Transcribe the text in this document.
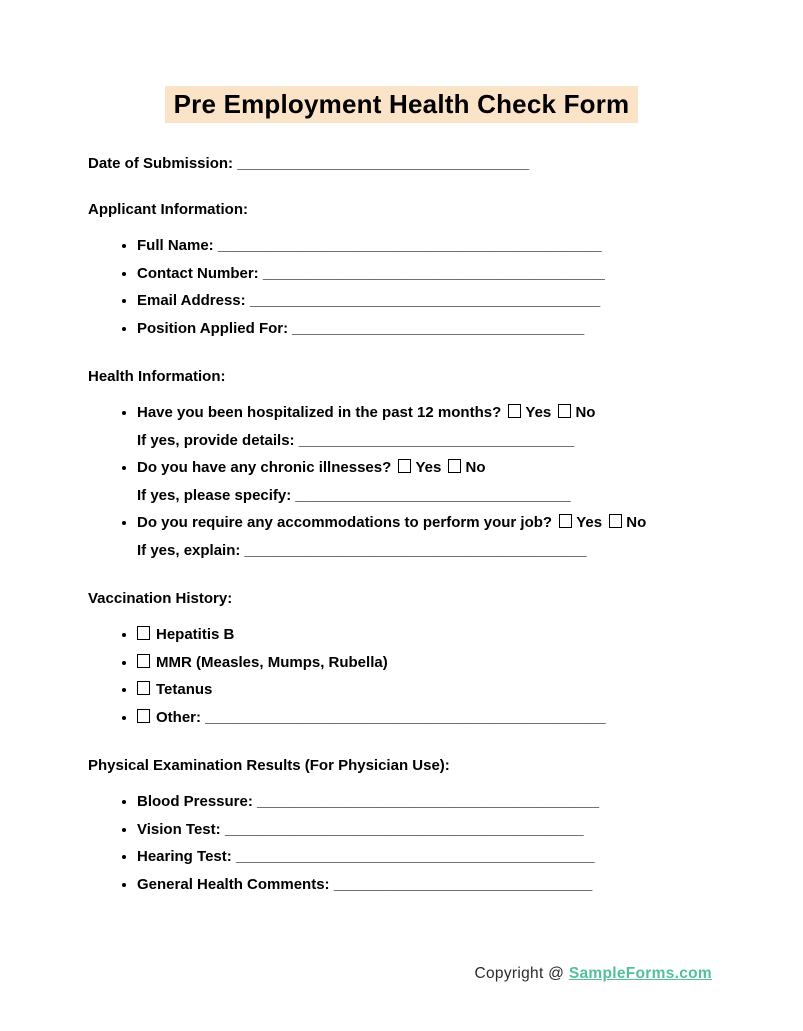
Pre Employment Health Check Form
Date of Submission: ___________________________________
Applicant Information:
• Full Name: ______________________________________________
• Contact Number: _________________________________________
• Email Address: __________________________________________
• Position Applied For: ___________________________________
Health Information:
• Have you been hospitalized in the past 12 months? Yes No
If yes, provide details: _________________________________
• Do you have any chronic illnesses? Yes No
If yes, please specify: _________________________________
• Do you require any accommodations to perform your job? Yes No
If yes, explain: _________________________________________
Vaccination History:
• Hepatitis B
• MMR (Measles, Mumps, Rubella)
• Tetanus
• Other: ________________________________________________
Physical Examination Results (For Physician Use):
• Blood Pressure: _________________________________________
• Vision Test: ___________________________________________
• Hearing Test: ___________________________________________
• General Health Comments: _______________________________
Copyright @ SampleForms.com
